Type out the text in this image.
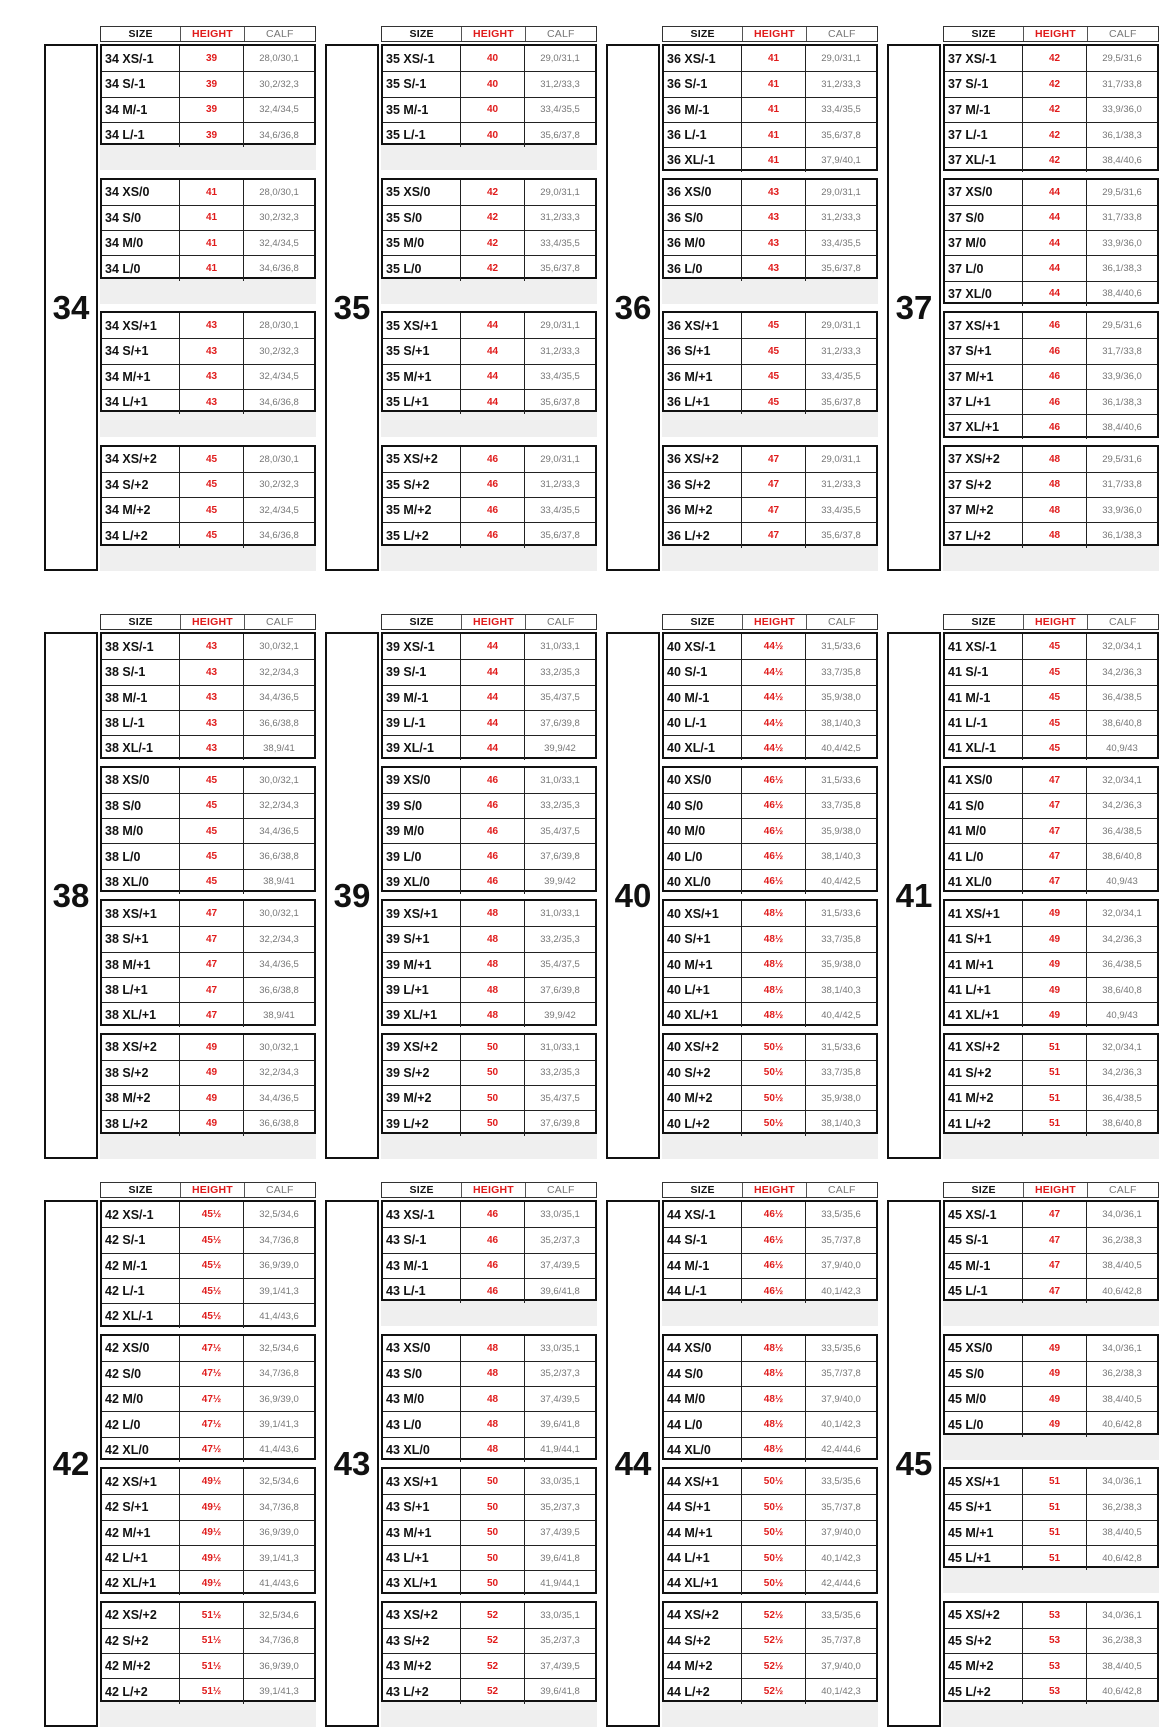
SIZE	HEIGHT	CALF
34
34 XS/-1	39	28,0/30,1
34 S/-1	39	30,2/32,3
34 M/-1	39	32,4/34,5
34 L/-1	39	34,6/36,8
34 XS/0	41	28,0/30,1
34 S/0	41	30,2/32,3
34 M/0	41	32,4/34,5
34 L/0	41	34,6/36,8
34 XS/+1	43	28,0/30,1
34 S/+1	43	30,2/32,3
34 M/+1	43	32,4/34,5
34 L/+1	43	34,6/36,8
34 XS/+2	45	28,0/30,1
34 S/+2	45	30,2/32,3
34 M/+2	45	32,4/34,5
34 L/+2	45	34,6/36,8
SIZE	HEIGHT	CALF
35
35 XS/-1	40	29,0/31,1
35 S/-1	40	31,2/33,3
35 M/-1	40	33,4/35,5
35 L/-1	40	35,6/37,8
35 XS/0	42	29,0/31,1
35 S/0	42	31,2/33,3
35 M/0	42	33,4/35,5
35 L/0	42	35,6/37,8
35 XS/+1	44	29,0/31,1
35 S/+1	44	31,2/33,3
35 M/+1	44	33,4/35,5
35 L/+1	44	35,6/37,8
35 XS/+2	46	29,0/31,1
35 S/+2	46	31,2/33,3
35 M/+2	46	33,4/35,5
35 L/+2	46	35,6/37,8
SIZE	HEIGHT	CALF
36
36 XS/-1	41	29,0/31,1
36 S/-1	41	31,2/33,3
36 M/-1	41	33,4/35,5
36 L/-1	41	35,6/37,8
36 XL/-1	41	37,9/40,1
36 XS/0	43	29,0/31,1
36 S/0	43	31,2/33,3
36 M/0	43	33,4/35,5
36 L/0	43	35,6/37,8
36 XS/+1	45	29,0/31,1
36 S/+1	45	31,2/33,3
36 M/+1	45	33,4/35,5
36 L/+1	45	35,6/37,8
36 XS/+2	47	29,0/31,1
36 S/+2	47	31,2/33,3
36 M/+2	47	33,4/35,5
36 L/+2	47	35,6/37,8
SIZE	HEIGHT	CALF
37
37 XS/-1	42	29,5/31,6
37 S/-1	42	31,7/33,8
37 M/-1	42	33,9/36,0
37 L/-1	42	36,1/38,3
37 XL/-1	42	38,4/40,6
37 XS/0	44	29,5/31,6
37 S/0	44	31,7/33,8
37 M/0	44	33,9/36,0
37 L/0	44	36,1/38,3
37 XL/0	44	38,4/40,6
37 XS/+1	46	29,5/31,6
37 S/+1	46	31,7/33,8
37 M/+1	46	33,9/36,0
37 L/+1	46	36,1/38,3
37 XL/+1	46	38,4/40,6
37 XS/+2	48	29,5/31,6
37 S/+2	48	31,7/33,8
37 M/+2	48	33,9/36,0
37 L/+2	48	36,1/38,3
SIZE	HEIGHT	CALF
38
38 XS/-1	43	30,0/32,1
38 S/-1	43	32,2/34,3
38 M/-1	43	34,4/36,5
38 L/-1	43	36,6/38,8
38 XL/-1	43	38,9/41
38 XS/0	45	30,0/32,1
38 S/0	45	32,2/34,3
38 M/0	45	34,4/36,5
38 L/0	45	36,6/38,8
38 XL/0	45	38,9/41
38 XS/+1	47	30,0/32,1
38 S/+1	47	32,2/34,3
38 M/+1	47	34,4/36,5
38 L/+1	47	36,6/38,8
38 XL/+1	47	38,9/41
38 XS/+2	49	30,0/32,1
38 S/+2	49	32,2/34,3
38 M/+2	49	34,4/36,5
38 L/+2	49	36,6/38,8
SIZE	HEIGHT	CALF
39
39 XS/-1	44	31,0/33,1
39 S/-1	44	33,2/35,3
39 M/-1	44	35,4/37,5
39 L/-1	44	37,6/39,8
39 XL/-1	44	39,9/42
39 XS/0	46	31,0/33,1
39 S/0	46	33,2/35,3
39 M/0	46	35,4/37,5
39 L/0	46	37,6/39,8
39 XL/0	46	39,9/42
39 XS/+1	48	31,0/33,1
39 S/+1	48	33,2/35,3
39 M/+1	48	35,4/37,5
39 L/+1	48	37,6/39,8
39 XL/+1	48	39,9/42
39 XS/+2	50	31,0/33,1
39 S/+2	50	33,2/35,3
39 M/+2	50	35,4/37,5
39 L/+2	50	37,6/39,8
SIZE	HEIGHT	CALF
40
40 XS/-1	44½	31,5/33,6
40 S/-1	44½	33,7/35,8
40 M/-1	44½	35,9/38,0
40 L/-1	44½	38,1/40,3
40 XL/-1	44½	40,4/42,5
40 XS/0	46½	31,5/33,6
40 S/0	46½	33,7/35,8
40 M/0	46½	35,9/38,0
40 L/0	46½	38,1/40,3
40 XL/0	46½	40,4/42,5
40 XS/+1	48½	31,5/33,6
40 S/+1	48½	33,7/35,8
40 M/+1	48½	35,9/38,0
40 L/+1	48½	38,1/40,3
40 XL/+1	48½	40,4/42,5
40 XS/+2	50½	31,5/33,6
40 S/+2	50½	33,7/35,8
40 M/+2	50½	35,9/38,0
40 L/+2	50½	38,1/40,3
SIZE	HEIGHT	CALF
41
41 XS/-1	45	32,0/34,1
41 S/-1	45	34,2/36,3
41 M/-1	45	36,4/38,5
41 L/-1	45	38,6/40,8
41 XL/-1	45	40,9/43
41 XS/0	47	32,0/34,1
41 S/0	47	34,2/36,3
41 M/0	47	36,4/38,5
41 L/0	47	38,6/40,8
41 XL/0	47	40,9/43
41 XS/+1	49	32,0/34,1
41 S/+1	49	34,2/36,3
41 M/+1	49	36,4/38,5
41 L/+1	49	38,6/40,8
41 XL/+1	49	40,9/43
41 XS/+2	51	32,0/34,1
41 S/+2	51	34,2/36,3
41 M/+2	51	36,4/38,5
41 L/+2	51	38,6/40,8
SIZE	HEIGHT	CALF
42
42 XS/-1	45½	32,5/34,6
42 S/-1	45½	34,7/36,8
42 M/-1	45½	36,9/39,0
42 L/-1	45½	39,1/41,3
42 XL/-1	45½	41,4/43,6
42 XS/0	47½	32,5/34,6
42 S/0	47½	34,7/36,8
42 M/0	47½	36,9/39,0
42 L/0	47½	39,1/41,3
42 XL/0	47½	41,4/43,6
42 XS/+1	49½	32,5/34,6
42 S/+1	49½	34,7/36,8
42 M/+1	49½	36,9/39,0
42 L/+1	49½	39,1/41,3
42 XL/+1	49½	41,4/43,6
42 XS/+2	51½	32,5/34,6
42 S/+2	51½	34,7/36,8
42 M/+2	51½	36,9/39,0
42 L/+2	51½	39,1/41,3
SIZE	HEIGHT	CALF
43
43 XS/-1	46	33,0/35,1
43 S/-1	46	35,2/37,3
43 M/-1	46	37,4/39,5
43 L/-1	46	39,6/41,8
43 XS/0	48	33,0/35,1
43 S/0	48	35,2/37,3
43 M/0	48	37,4/39,5
43 L/0	48	39,6/41,8
43 XL/0	48	41,9/44,1
43 XS/+1	50	33,0/35,1
43 S/+1	50	35,2/37,3
43 M/+1	50	37,4/39,5
43 L/+1	50	39,6/41,8
43 XL/+1	50	41,9/44,1
43 XS/+2	52	33,0/35,1
43 S/+2	52	35,2/37,3
43 M/+2	52	37,4/39,5
43 L/+2	52	39,6/41,8
SIZE	HEIGHT	CALF
44
44 XS/-1	46½	33,5/35,6
44 S/-1	46½	35,7/37,8
44 M/-1	46½	37,9/40,0
44 L/-1	46½	40,1/42,3
44 XS/0	48½	33,5/35,6
44 S/0	48½	35,7/37,8
44 M/0	48½	37,9/40,0
44 L/0	48½	40,1/42,3
44 XL/0	48½	42,4/44,6
44 XS/+1	50½	33,5/35,6
44 S/+1	50½	35,7/37,8
44 M/+1	50½	37,9/40,0
44 L/+1	50½	40,1/42,3
44 XL/+1	50½	42,4/44,6
44 XS/+2	52½	33,5/35,6
44 S/+2	52½	35,7/37,8
44 M/+2	52½	37,9/40,0
44 L/+2	52½	40,1/42,3
SIZE	HEIGHT	CALF
45
45 XS/-1	47	34,0/36,1
45 S/-1	47	36,2/38,3
45 M/-1	47	38,4/40,5
45 L/-1	47	40,6/42,8
45 XS/0	49	34,0/36,1
45 S/0	49	36,2/38,3
45 M/0	49	38,4/40,5
45 L/0	49	40,6/42,8
45 XS/+1	51	34,0/36,1
45 S/+1	51	36,2/38,3
45 M/+1	51	38,4/40,5
45 L/+1	51	40,6/42,8
45 XS/+2	53	34,0/36,1
45 S/+2	53	36,2/38,3
45 M/+2	53	38,4/40,5
45 L/+2	53	40,6/42,8
